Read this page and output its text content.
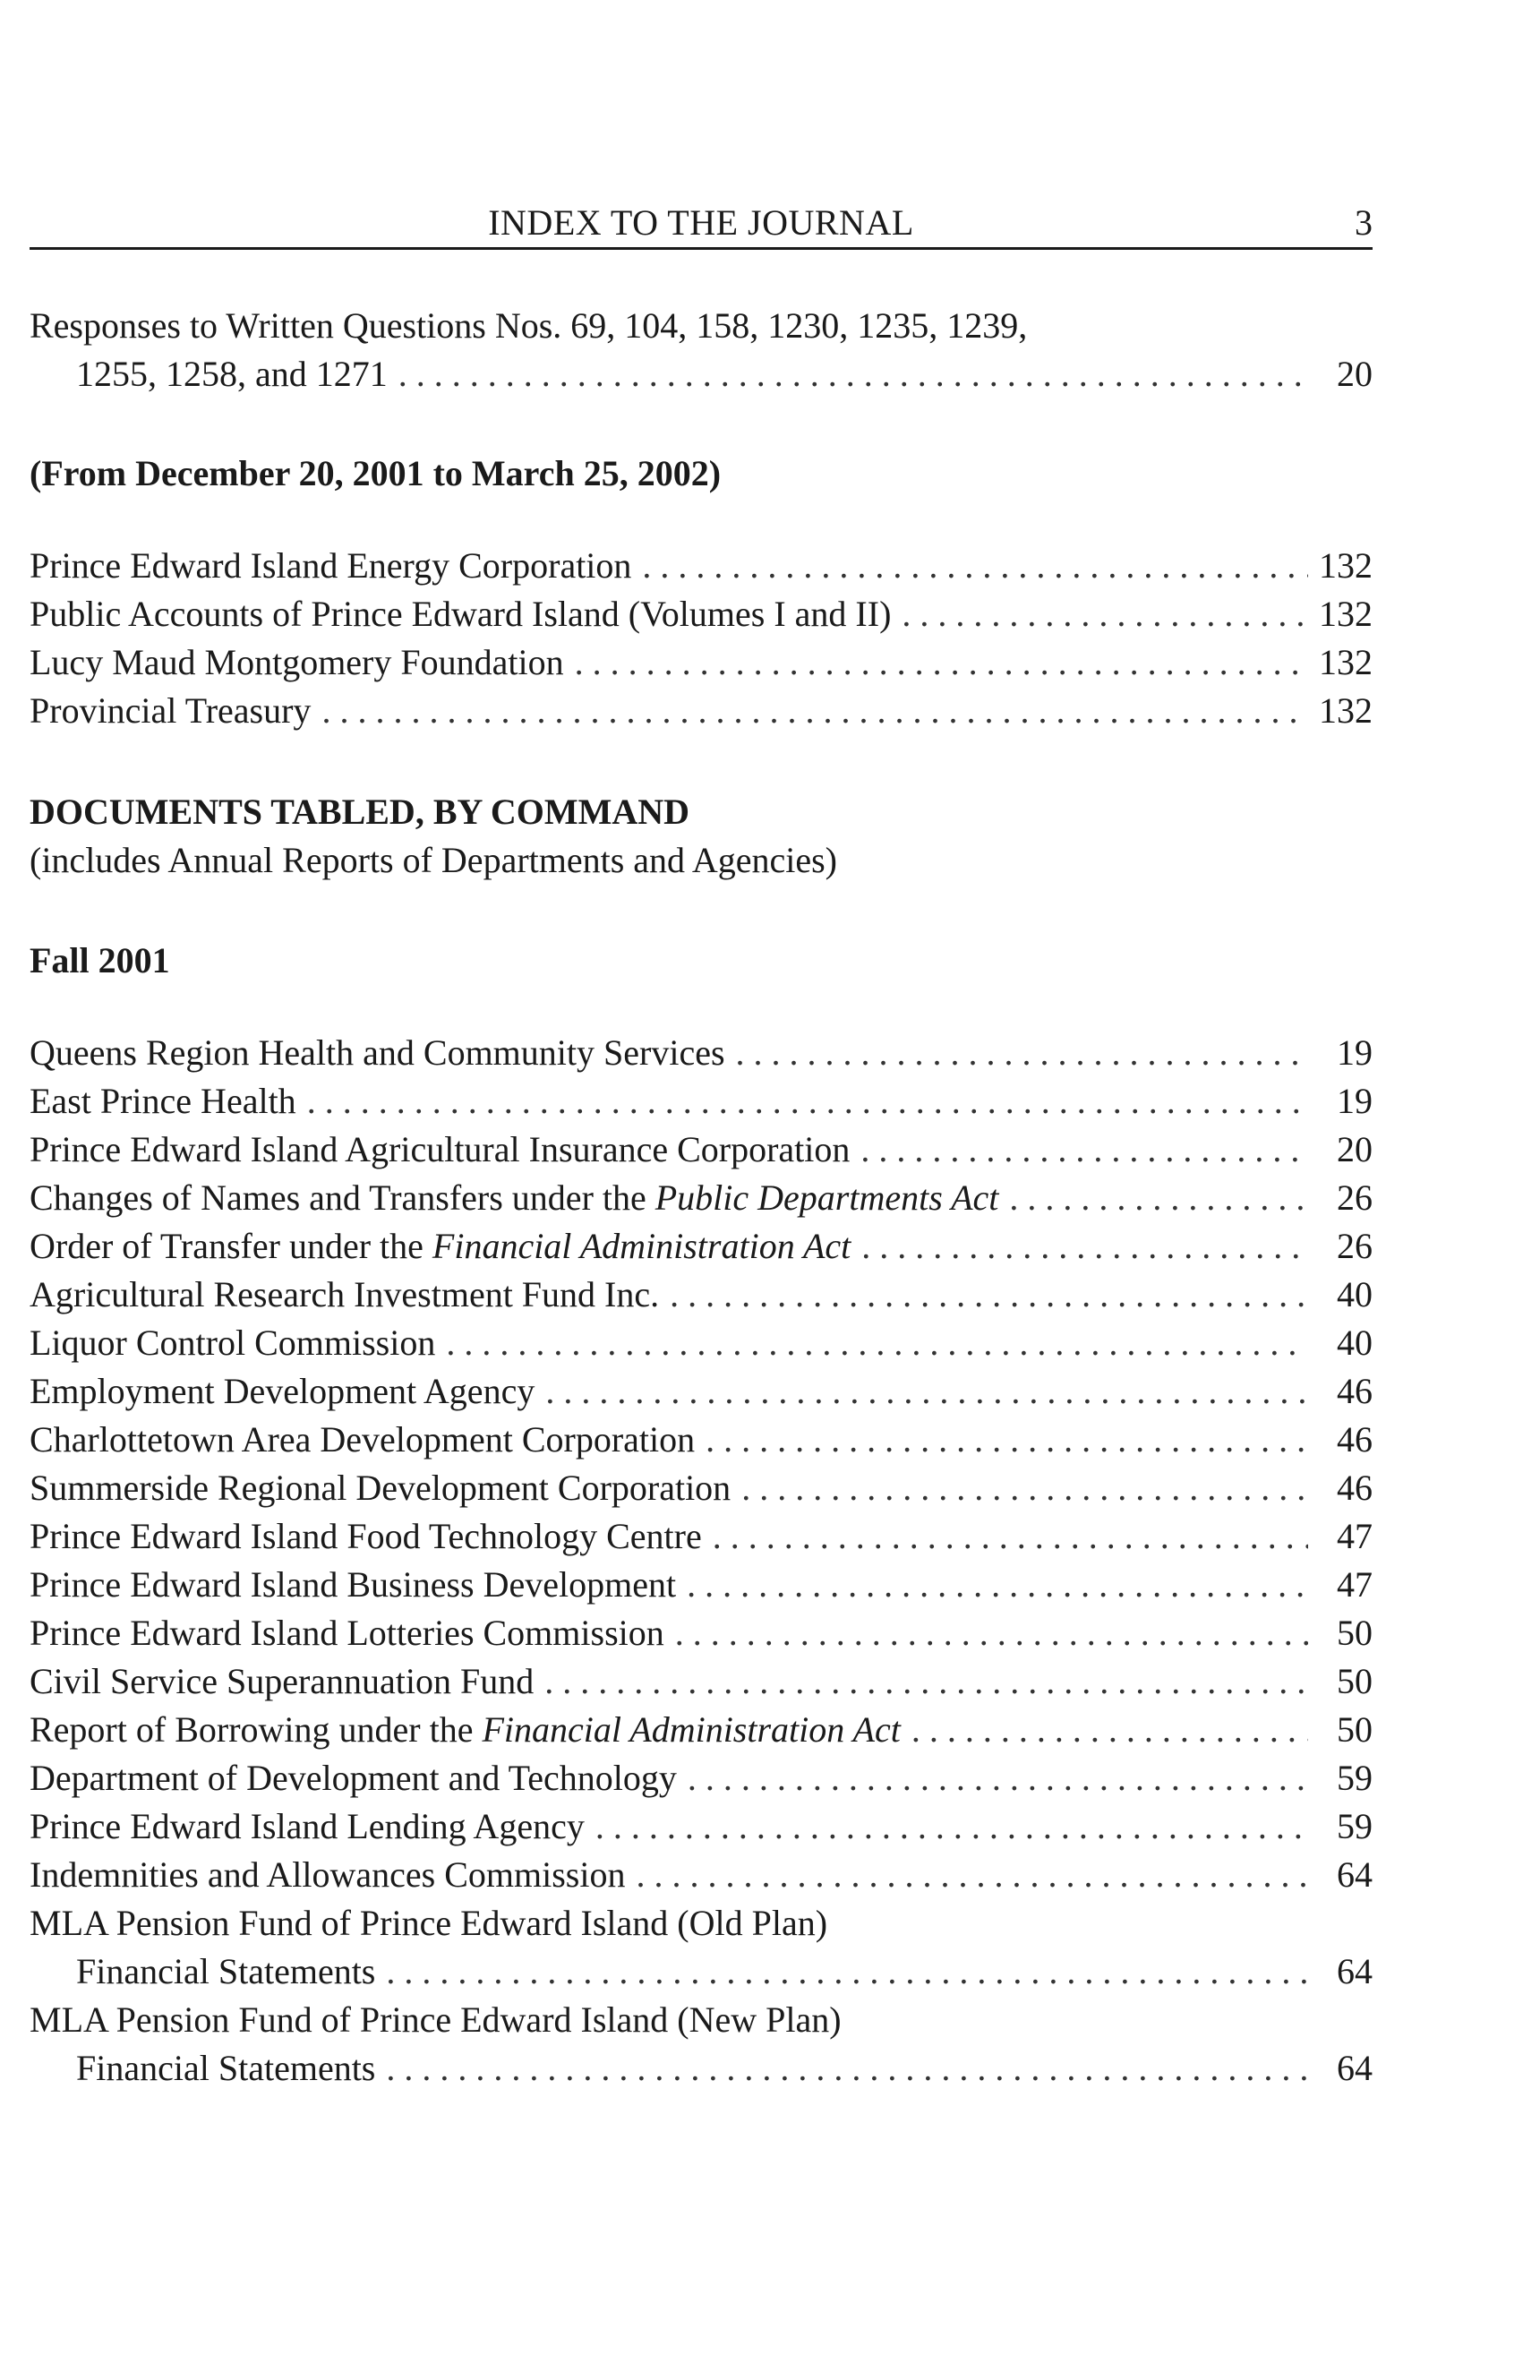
INDEX TO THE JOURNAL	3
Responses to Written Questions Nos. 69, 104, 158, 1230, 1235, 1239,
1255, 1258, and 1271 . . .	20
(From December 20, 2001 to March 25, 2002)
Prince Edward Island Energy Corporation . . .	132
Public Accounts of Prince Edward Island (Volumes I and II) . . .	132
Lucy Maud Montgomery Foundation . . .	132
Provincial Treasury . . .	132
DOCUMENTS TABLED, BY COMMAND
(includes Annual Reports of Departments and Agencies)
Fall 2001
Queens Region Health and Community Services . . .	19
East Prince Health . . .	19
Prince Edward Island Agricultural Insurance Corporation . . .	20
Changes of Names and Transfers under the Public Departments Act . . .	26
Order of Transfer under the Financial Administration Act . . .	26
Agricultural Research Investment Fund Inc. . . .	40
Liquor Control Commission . . .	40
Employment Development Agency . . .	46
Charlottetown Area Development Corporation . . .	46
Summerside Regional Development Corporation . . .	46
Prince Edward Island Food Technology Centre . . .	47
Prince Edward Island Business Development . . .	47
Prince Edward Island Lotteries Commission . . .	50
Civil Service Superannuation Fund . . .	50
Report of Borrowing under the Financial Administration Act . . .	50
Department of Development and Technology . . .	59
Prince Edward Island Lending Agency . . .	59
Indemnities and Allowances Commission . . .	64
MLA Pension Fund of Prince Edward Island (Old Plan)
Financial Statements . . .	64
MLA Pension Fund of Prince Edward Island (New Plan)
Financial Statements . . .	64
